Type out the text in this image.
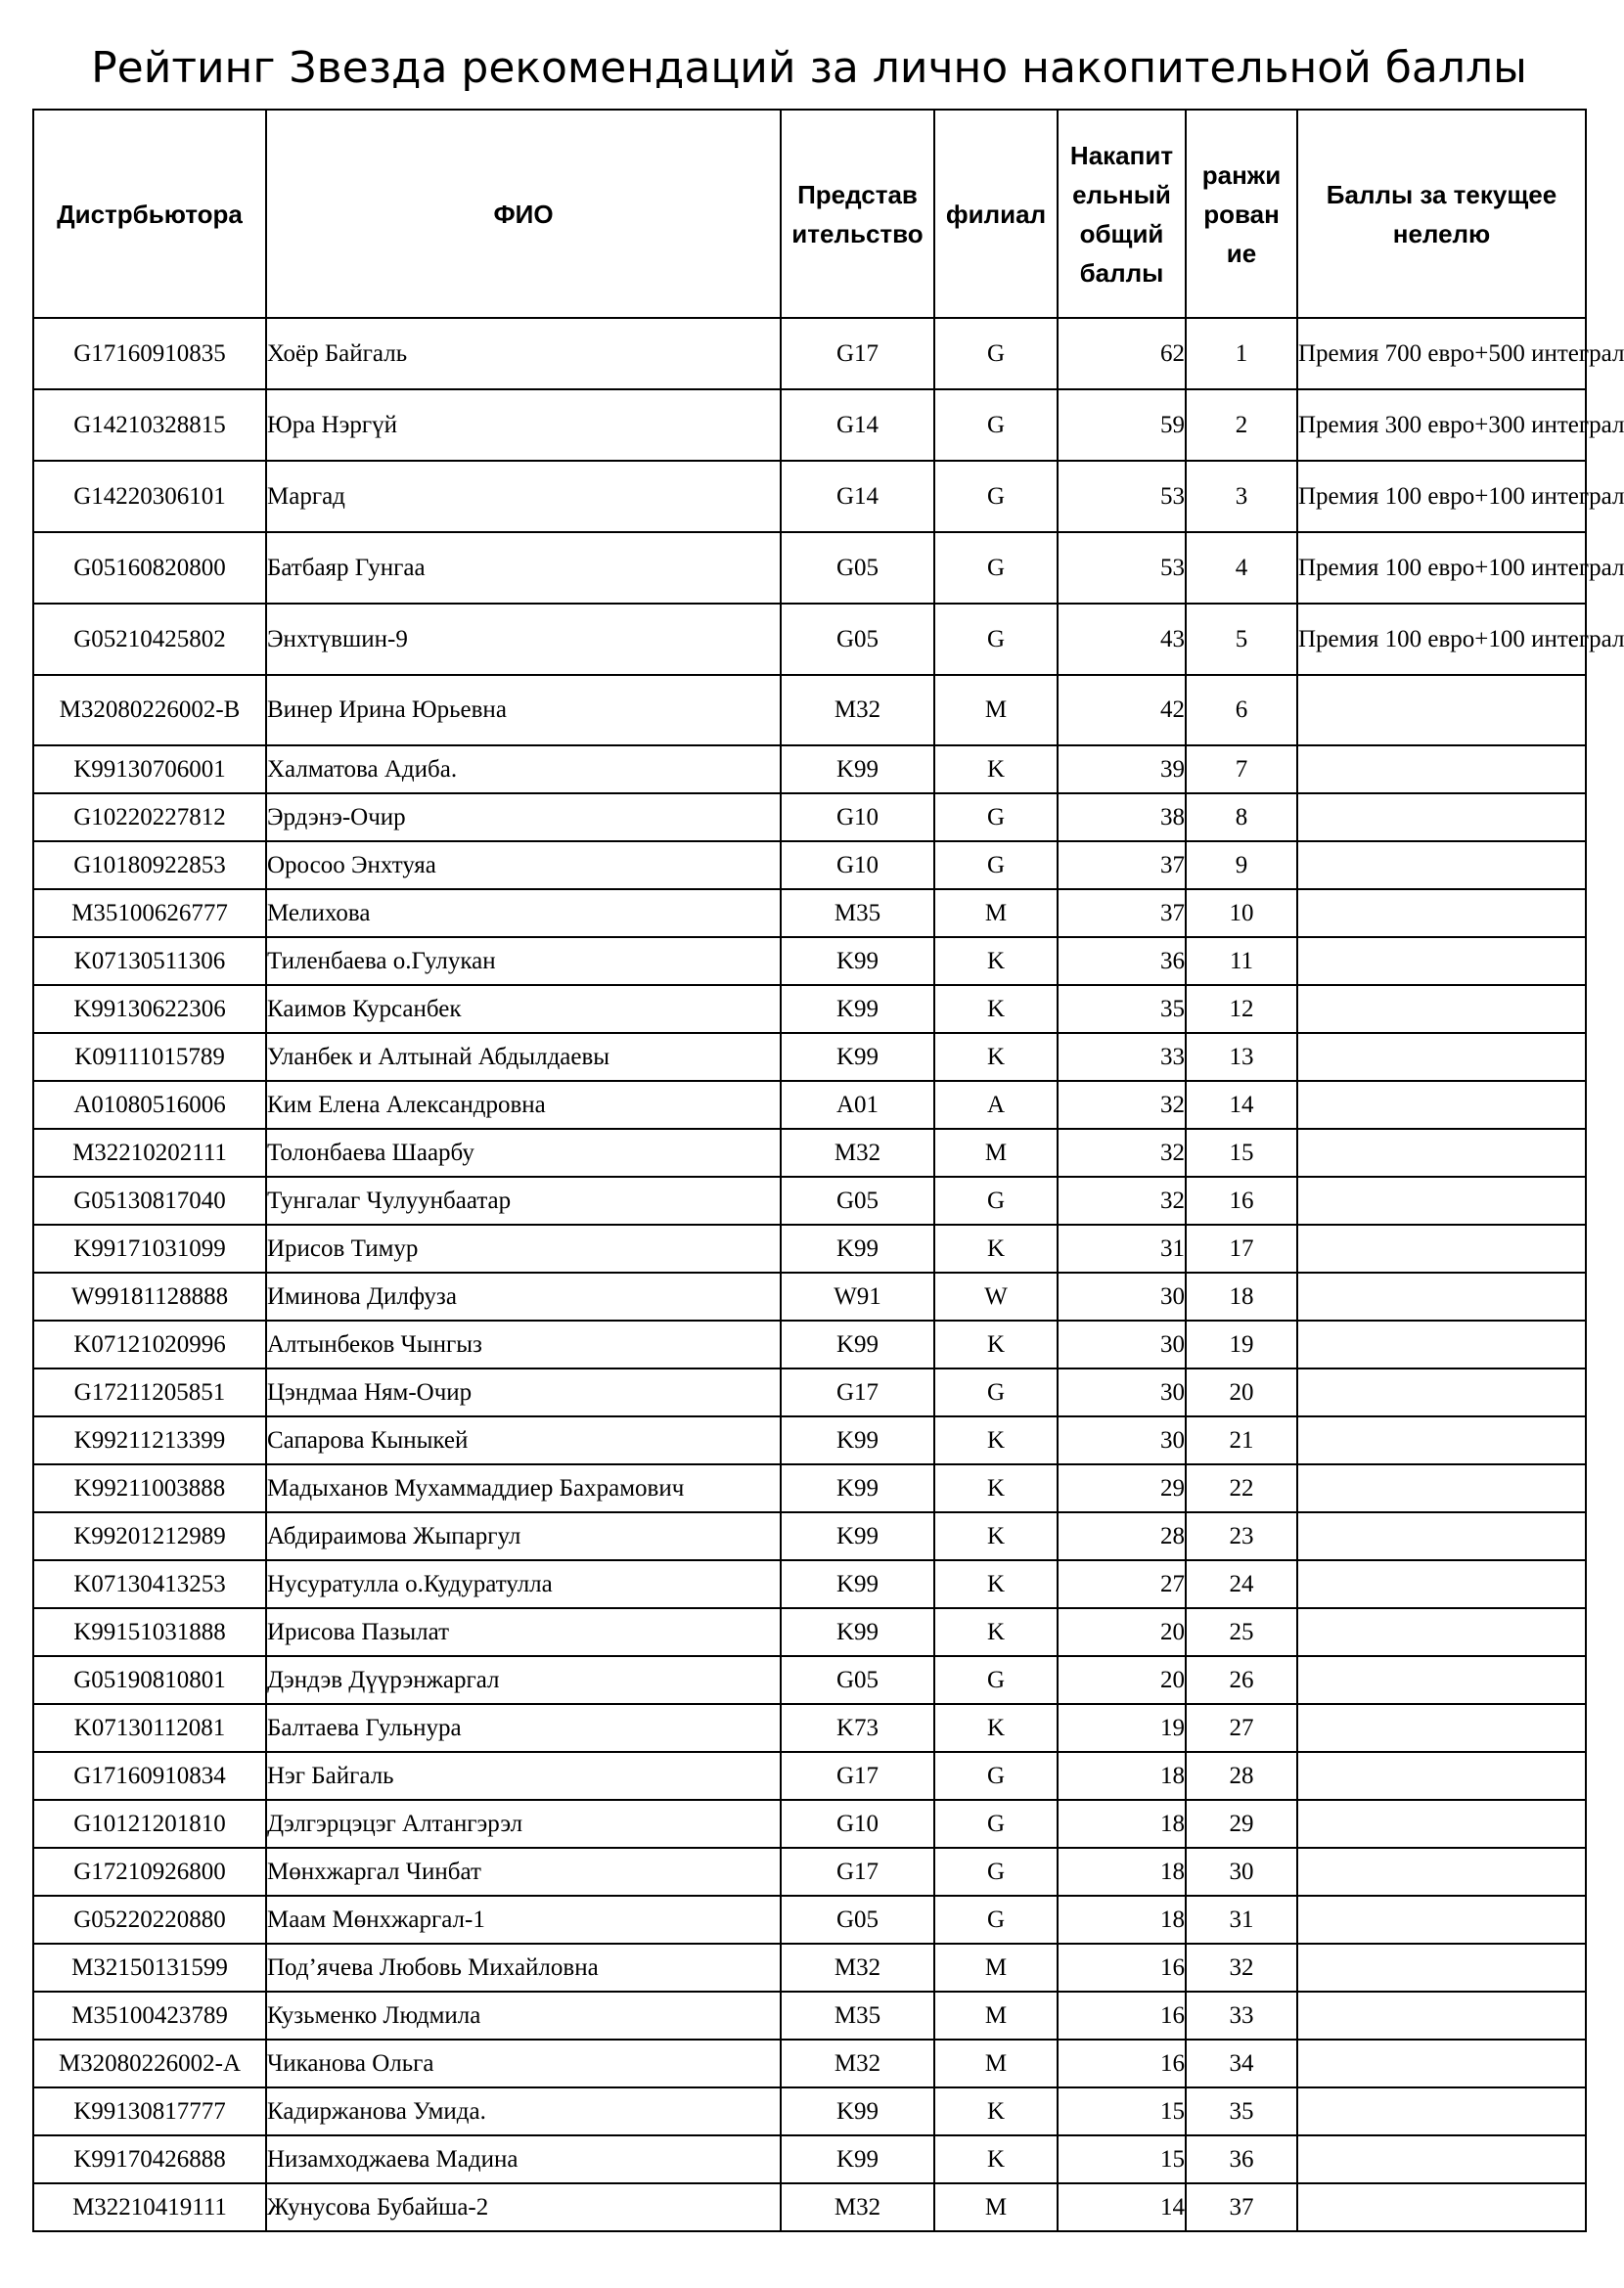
Рейтинг Звезда рекомендаций за лично накопительной баллы
Дистрбьютора	ФИО	Представ ительство	филиал	Накапит ельный общий баллы	ранжи рован ие	Баллы за текущее нелелю
G17160910835	Хоёр Байгаль	G17	G	62	1	Премия 700 евро+500 интеграл
G14210328815	Юра Нэргүй	G14	G	59	2	Премия 300 евро+300 интеграл
G14220306101	Маргад	G14	G	53	3	Премия 100 евро+100 интеграл
G05160820800	Батбаяр Гунгаа	G05	G	53	4	Премия 100 евро+100 интеграл
G05210425802	Энхтүвшин-9	G05	G	43	5	Премия 100 евро+100 интеграл
M32080226002-B	Винер Ирина Юрьевна	M32	M	42	6	
K99130706001	Халматова Адиба.	K99	K	39	7	
G10220227812	Эрдэнэ-Очир	G10	G	38	8	
G10180922853	Оросоо Энхтуяа	G10	G	37	9	
M35100626777	Мелихова	M35	M	37	10	
K07130511306	Тиленбаева о.Гулукан	K99	K	36	11	
K99130622306	Каимов Курсанбек	K99	K	35	12	
K09111015789	Уланбек и Алтынай Абдылдаевы	K99	K	33	13	
A01080516006	Ким Елена Александровна	A01	A	32	14	
M32210202111	Толонбаева Шаарбу	M32	M	32	15	
G05130817040	Тунгалаг Чулуунбаатар	G05	G	32	16	
K99171031099	Ирисов Тимур	K99	K	31	17	
W99181128888	Иминова Дилфуза	W91	W	30	18	
K07121020996	Алтынбеков Чынгыз	K99	K	30	19	
G17211205851	Цэндмаа Ням-Очир	G17	G	30	20	
K99211213399	Сапарова Кыныкей	K99	K	30	21	
K99211003888	Мадыханов Мухаммаддиер Бахрамович	K99	K	29	22	
K99201212989	Абдираимова Жыпаргул	K99	K	28	23	
K07130413253	Нусуратулла о.Кудуратулла	K99	K	27	24	
K99151031888	Ирисова Пазылат	K99	K	20	25	
G05190810801	Дэндэв Дүүрэнжаргал	G05	G	20	26	
K07130112081	Балтаева Гульнура	K73	K	19	27	
G17160910834	Нэг Байгаль	G17	G	18	28	
G10121201810	Дэлгэрцэцэг Алтангэрэл	G10	G	18	29	
G17210926800	Мөнхжаргал Чинбат	G17	G	18	30	
G05220220880	Маам Мөнхжаргал-1	G05	G	18	31	
M32150131599	Под’ячева Любовь Михайловна	M32	M	16	32	
M35100423789	Кузьменко Людмила	M35	M	16	33	
M32080226002-A	Чиканова Ольга	M32	M	16	34	
K99130817777	Кадиржанова Умида.	K99	K	15	35	
K99170426888	Низамходжаева Мадина	K99	K	15	36	
M32210419111	Жунусова Бубайша-2	M32	M	14	37	
